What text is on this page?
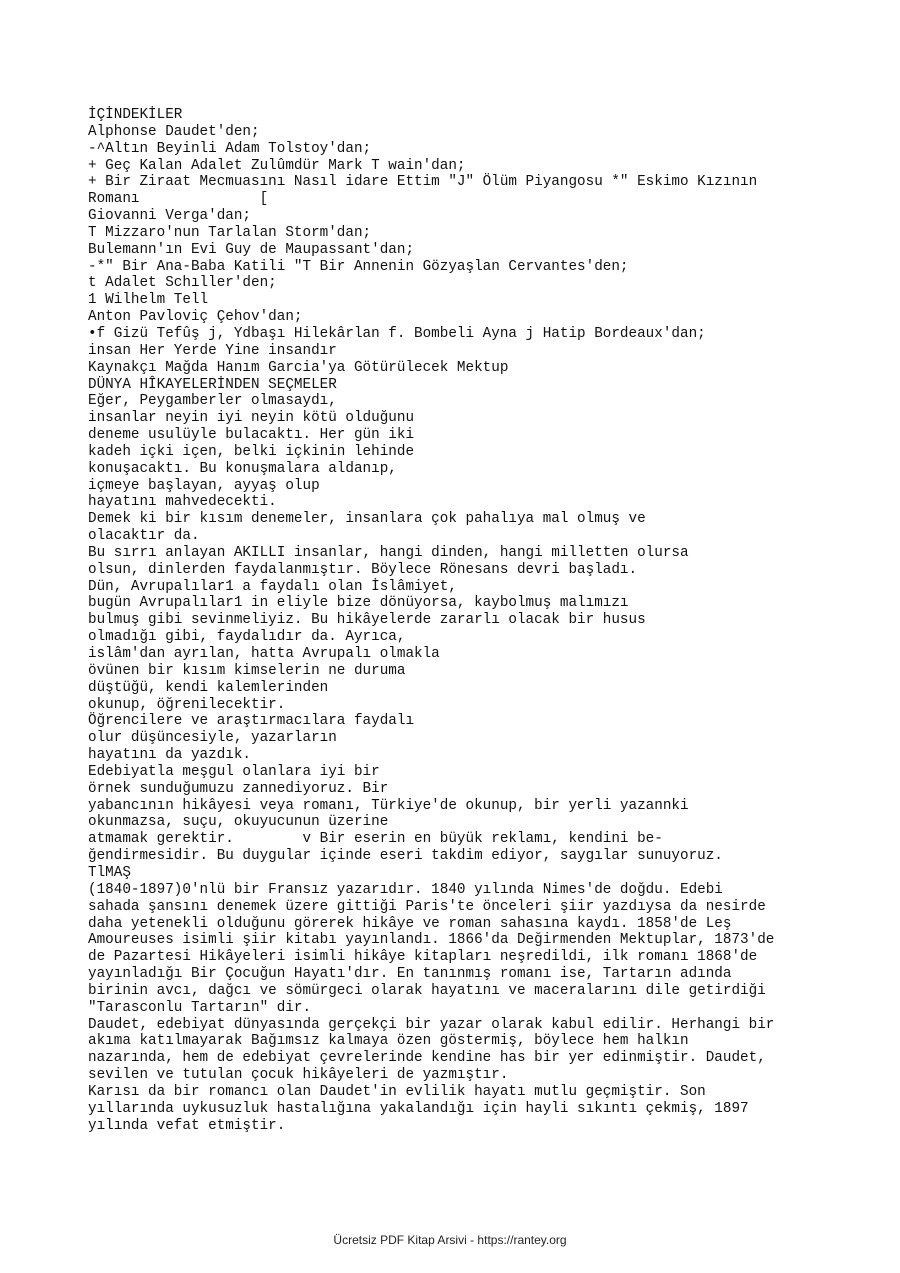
İÇİNDEKİLER
Alphonse Daudet'den;
-^Altın Beyinli Adam Tolstoy'dan;
+ Geç Kalan Adalet Zulûmdür Mark T wain'dan;
+ Bir Ziraat Mecmuasını Nasıl idare Ettim "J" Ölüm Piyangosu *" Eskimo Kızının
Romanı              [
Giovanni Verga'dan;
T Mizzaro'nun Tarlalan Storm'dan;
Bulemann'ın Evi Guy de Maupassant'dan;
-*" Bir Ana-Baba Katili "T Bir Annenin Gözyaşlan Cervantes'den;
t Adalet Schıller'den;
1 Wilhelm Tell
Anton Pavloviç Çehov'dan;
•f Gizü Tefûş j, Ydbaşı Hilekârlan f. Bombeli Ayna j Hatip Bordeaux'dan;
insan Her Yerde Yine insandır
Kaynakçı Mağda Hanım Garcia'ya Götürülecek Mektup
DÜNYA HÎKAYELERİNDEN SEÇMELER
Eğer, Peygamberler olmasaydı,
insanlar neyin iyi neyin kötü olduğunu
deneme usulüyle bulacaktı. Her gün iki
kadeh içki içen, belki içkinin lehinde
konuşacaktı. Bu konuşmalara aldanıp,
içmeye başlayan, ayyaş olup
hayatını mahvedecekti.
Demek ki bir kısım denemeler, insanlara çok pahalıya mal olmuş ve
olacaktır da.
Bu sırrı anlayan AKILLI insanlar, hangi dinden, hangi milletten olursa
olsun, dinlerden faydalanmıştır. Böylece Rönesans devri başladı.
Dün, Avrupalılar1 a faydalı olan İslâmiyet,
bugün Avrupalılar1 in eliyle bize dönüyorsa, kaybolmuş malımızı
bulmuş gibi sevinmeliyiz. Bu hikâyelerde zararlı olacak bir husus
olmadığı gibi, faydalıdır da. Ayrıca,
islâm'dan ayrılan, hatta Avrupalı olmakla
övünen bir kısım kimselerin ne duruma
düştüğü, kendi kalemlerinden
okunup, öğrenilecektir.
Öğrencilere ve araştırmacılara faydalı
olur düşüncesiyle, yazarların
hayatını da yazdık.
Edebiyatla meşgul olanlara iyi bir
örnek sunduğumuzu zannediyoruz. Bir
yabancının hikâyesi veya romanı, Türkiye'de okunup, bir yerli yazannki
okunmazsa, suçu, okuyucunun üzerine
atmamak gerektir.        v Bir eserin en büyük reklamı, kendini be-
ğendirmesidir. Bu duygular içinde eseri takdim ediyor, saygılar sunuyoruz.
TlMAŞ
(1840-1897)0'nlü bir Fransız yazarıdır. 1840 yılında Nimes'de doğdu. Edebi
sahada şansını denemek üzere gittiği Paris'te önceleri şiir yazdıysa da nesirde
daha yetenekli olduğunu görerek hikâye ve roman sahasına kaydı. 1858'de Leş
Amoureuses isimli şiir kitabı yayınlandı. 1866'da Değirmenden Mektuplar, 1873'de
de Pazartesi Hikâyeleri isimli hikâye kitapları neşredildi, ilk romanı 1868'de
yayınladığı Bir Çocuğun Hayatı'dır. En tanınmış romanı ise, Tartarın adında
birinin avcı, dağcı ve sömürgeci olarak hayatını ve maceralarını dile getirdiği
"Tarasconlu Tartarın" dir.
Daudet, edebiyat dünyasında gerçekçi bir yazar olarak kabul edilir. Herhangi bir
akıma katılmayarak Bağımsız kalmaya özen göstermiş, böylece hem halkın
nazarında, hem de edebiyat çevrelerinde kendine has bir yer edinmiştir. Daudet,
sevilen ve tutulan çocuk hikâyeleri de yazmıştır.
Karısı da bir romancı olan Daudet'in evlilik hayatı mutlu geçmiştir. Son
yıllarında uykusuzluk hastalığına yakalandığı için hayli sıkıntı çekmiş, 1897
yılında vefat etmiştir.
Ücretsiz PDF Kitap Arsivi - https://rantey.org
